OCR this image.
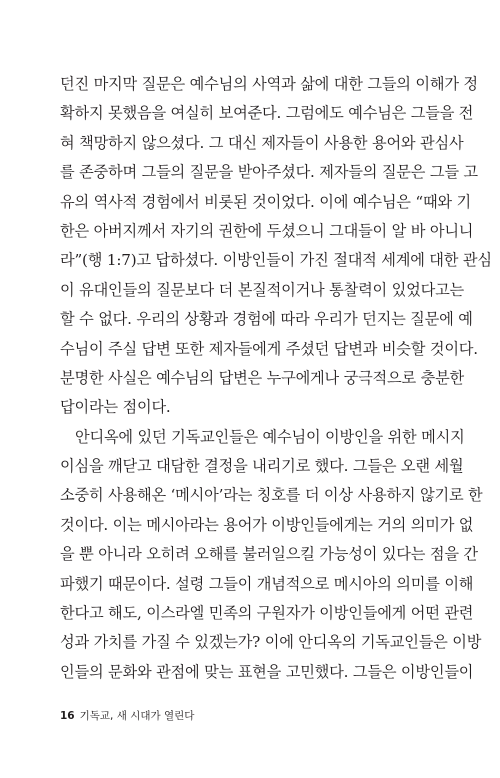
던진 마지막 질문은 예수님의 사역과 삶에 대한 그들의 이해가 정
확하지 못했음을 여실히 보여준다. 그럼에도 예수님은 그들을 전
혀 책망하지 않으셨다. 그 대신 제자들이 사용한 용어와 관심사
를 존중하며 그들의 질문을 받아주셨다. 제자들의 질문은 그들 고
유의 역사적 경험에서 비롯된 것이었다. 이에 예수님은 “때와 기
한은 아버지께서 자기의 권한에 두셨으니 그대들이 알 바 아니니
라”(행 1:7)고 답하셨다. 이방인들이 가진 절대적 세계에 대한 관심
이 유대인들의 질문보다 더 본질적이거나 통찰력이 있었다고는
할 수 없다. 우리의 상황과 경험에 따라 우리가 던지는 질문에 예
수님이 주실 답변 또한 제자들에게 주셨던 답변과 비슷할 것이다.
분명한 사실은 예수님의 답변은 누구에게나 궁극적으로 충분한
답이라는 점이다.
안디옥에 있던 기독교인들은 예수님이 이방인을 위한 메시지
이심을 깨닫고 대담한 결정을 내리기로 했다. 그들은 오랜 세월
소중히 사용해온 ‘메시아’라는 칭호를 더 이상 사용하지 않기로 한
것이다. 이는 메시아라는 용어가 이방인들에게는 거의 의미가 없
을 뿐 아니라 오히려 오해를 불러일으킬 가능성이 있다는 점을 간
파했기 때문이다. 설령 그들이 개념적으로 메시아의 의미를 이해
한다고 해도, 이스라엘 민족의 구원자가 이방인들에게 어떤 관련
성과 가치를 가질 수 있겠는가? 이에 안디옥의 기독교인들은 이방
인들의 문화와 관점에 맞는 표현을 고민했다. 그들은 이방인들이
16 기독교, 새 시대가 열린다
